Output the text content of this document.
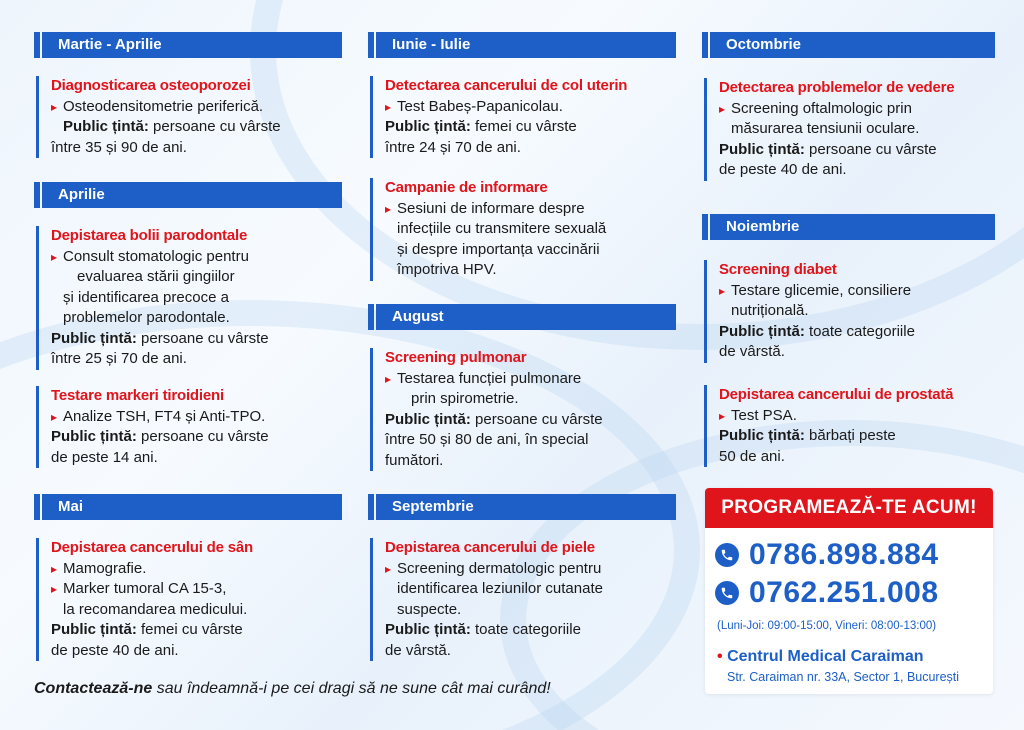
Martie - Aprilie
Diagnosticarea osteoporozei
▸ Osteodensitometrie periferică.
Public țintă: persoane cu vârste
între 35 și 90 de ani.
Aprilie
Depistarea bolii parodontale
▸ Consult stomatologic pentru
evaluarea stării gingiilor
și identificarea precoce a
problemelor parodontale.
Public țintă: persoane cu vârste
între 25 și 70 de ani.
Testare markeri tiroidieni
▸ Analize TSH, FT4 și Anti-TPO.
Public țintă: persoane cu vârste
de peste 14 ani.
Mai
Depistarea cancerului de sân
▸ Mamografie.
▸ Marker tumoral CA 15-3,
la recomandarea medicului.
Public țintă: femei cu vârste
de peste 40 de ani.
Iunie - Iulie
Detectarea cancerului de col uterin
▸ Test Babeș-Papanicolau.
Public țintă: femei cu vârste
între 24 și 70 de ani.
Campanie de informare
▸ Sesiuni de informare despre
infecțiile cu transmitere sexuală
și despre importanța vaccinării
împotriva HPV.
August
Screening pulmonar
▸ Testarea funcției pulmonare
prin spirometrie.
Public țintă: persoane cu vârste
între 50 și 80 de ani, în special
fumători.
Septembrie
Depistarea cancerului de piele
▸ Screening dermatologic pentru
identificarea leziunilor cutanate
suspecte.
Public țintă: toate categoriile
de vârstă.
Octombrie
Detectarea problemelor de vedere
▸ Screening oftalmologic prin
măsurarea tensiunii oculare.
Public țintă: persoane cu vârste
de peste 40 de ani.
Noiembrie
Screening diabet
▸ Testare glicemie, consiliere
nutrițională.
Public țintă: toate categoriile
de vârstă.
Depistarea cancerului de prostată
▸ Test PSA.
Public țintă: bărbați peste
50 de ani.
PROGRAMEAZĂ-TE ACUM!
0786.898.884
0762.251.008
(Luni-Joi: 09:00-15:00, Vineri: 08:00-13:00)
• Centrul Medical Caraiman
Str. Caraiman nr. 33A, Sector 1, București
Contactează-ne sau îndeamnă-i pe cei dragi să ne sune cât mai curând!
